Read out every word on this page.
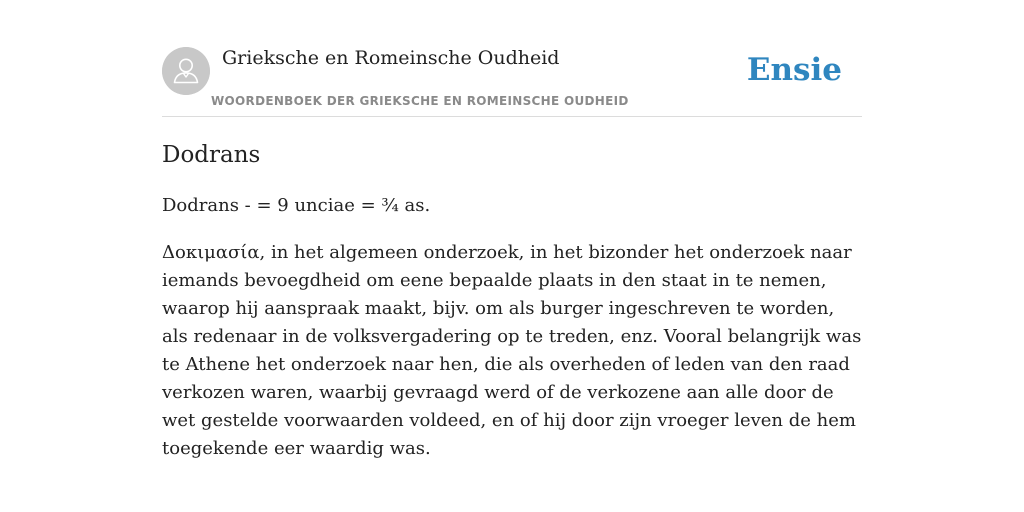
Grieksche en Romeinsche Oudheid
WOORDENBOEK DER GRIEKSCHE EN ROMEINSCHE OUDHEID
Ensie
Dodrans

Dodrans - = 9 unciae = ¾ as.

Δοκιμασία, in het algemeen onderzoek, in het bizonder het onderzoek naar iemands bevoegdheid om eene bepaalde plaats in den staat in te nemen, waarop hij aanspraak maakt, bijv. om als burger ingeschreven te worden, als redenaar in de volksvergadering op te treden, enz. Vooral belangrijk was te Athene het onderzoek naar hen, die als overheden of leden van den raad verkozen waren, waarbij gevraagd werd of de verkozene aan alle door de wet gestelde voorwaarden voldeed, en of hij door zijn vroeger leven de hem toegekende eer waardig was.
